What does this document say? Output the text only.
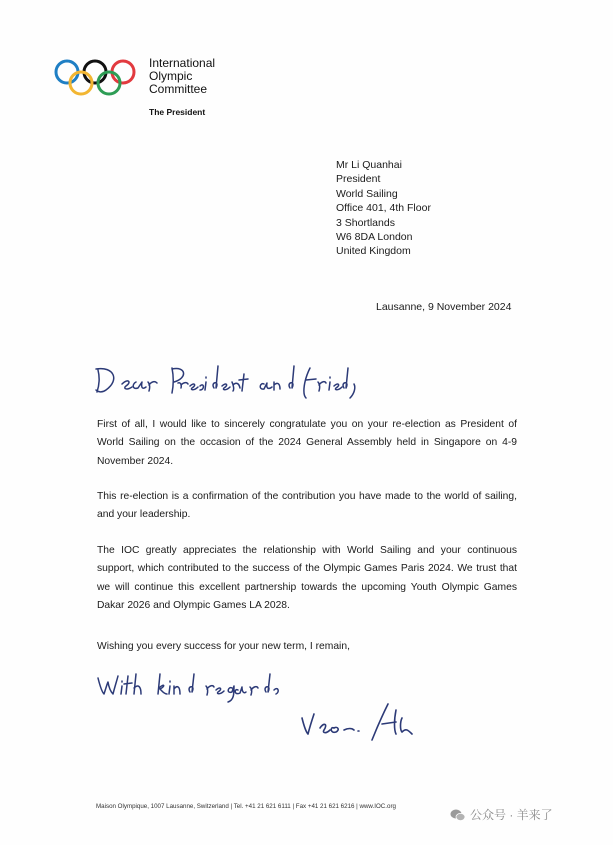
International
Olympic
Committee
The President
Mr Li Quanhai
President
World Sailing
Office 401, 4th Floor
3 Shortlands
W6 8DA London
United Kingdom
Lausanne, 9 November 2024
First of all, I would like to sincerely congratulate you on your re-election as President of World Sailing on the occasion of the 2024 General Assembly held in Singapore on 4-9 November 2024.
This re-election is a confirmation of the contribution you have made to the world of sailing, and your leadership.
The IOC greatly appreciates the relationship with World Sailing and your continuous support, which contributed to the success of the Olympic Games Paris 2024. We trust that we will continue this excellent partnership towards the upcoming Youth Olympic Games Dakar 2026 and Olympic Games LA 2028.
Wishing you every success for your new term, I remain,
Maison Olympique, 1007 Lausanne, Switzerland | Tel. +41 21 621 6111 | Fax +41 21 621 6216 | www.IOC.org
公众号 · 羊来了
